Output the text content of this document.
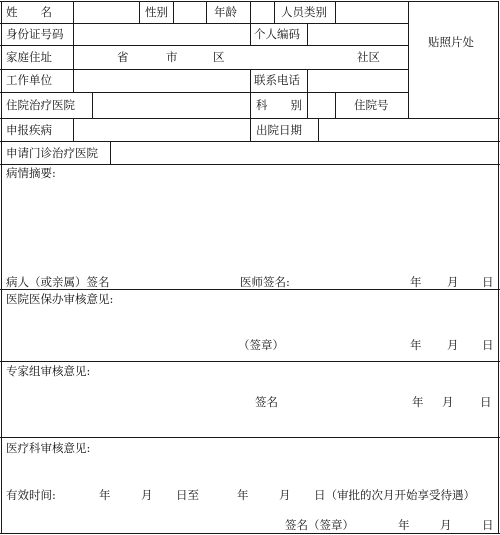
姓　　名	性别	年龄	人员类别
贴照片处
身份证号码	个人编码
家庭住址	省	市	区	社区
工作单位	联系电话
住院治疗医院	科　　别	住院号
申报疾病	出院日期
申请门诊治疗医院
病情摘要:
病人（或亲属）签名	医师签名:	年 月 日
医院医保办审核意见:
（签章）	年 月 日
专家组审核意见:
签名	年 月 日
医疗科审核意见:
有效时间:	年	月 日至	年	月 日（审批的次月开始享受待遇）
签名（签章）	年	月	日
